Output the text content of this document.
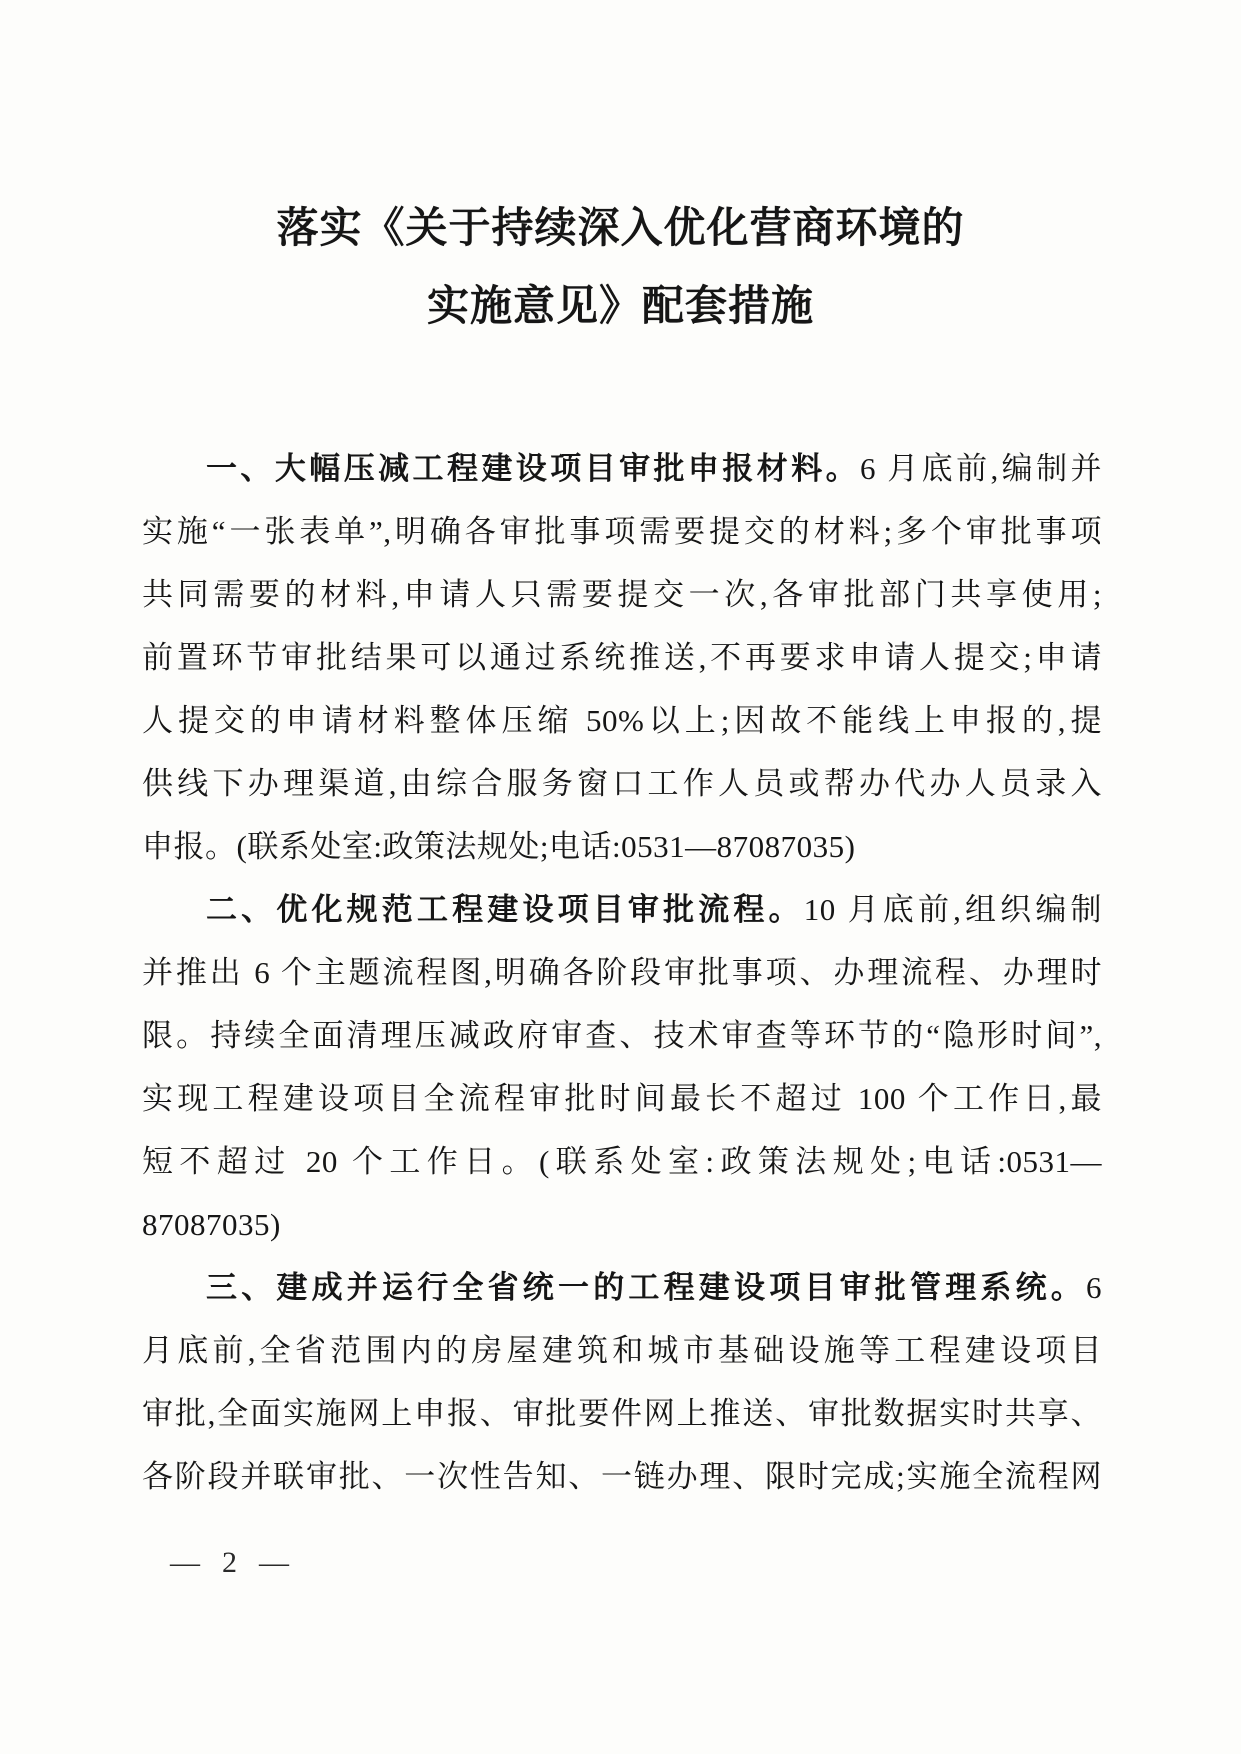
落实《关于持续深入优化营商环境的
实施意见》配套措施
一、大幅压减工程建设项目审批申报材料。6 月底前,编制并
实施“一张表单”,明确各审批事项需要提交的材料;多个审批事项
共同需要的材料,申请人只需要提交一次,各审批部门共享使用;
前置环节审批结果可以通过系统推送,不再要求申请人提交;申请
人提交的申请材料整体压缩 50%以上;因故不能线上申报的,提
供线下办理渠道,由综合服务窗口工作人员或帮办代办人员录入
申报。(联系处室:政策法规处;电话:0531—87087035)
二、优化规范工程建设项目审批流程。10 月底前,组织编制
并推出 6 个主题流程图,明确各阶段审批事项、办理流程、办理时
限。持续全面清理压减政府审查、技术审查等环节的“隐形时间”,
实现工程建设项目全流程审批时间最长不超过 100 个工作日,最
短不超过 20 个工作日。(联系处室:政策法规处;电话:0531—
87087035)
三、建成并运行全省统一的工程建设项目审批管理系统。6
月底前,全省范围内的房屋建筑和城市基础设施等工程建设项目
审批,全面实施网上申报、审批要件网上推送、审批数据实时共享、
各阶段并联审批、一次性告知、一链办理、限时完成;实施全流程网
— 2 —
